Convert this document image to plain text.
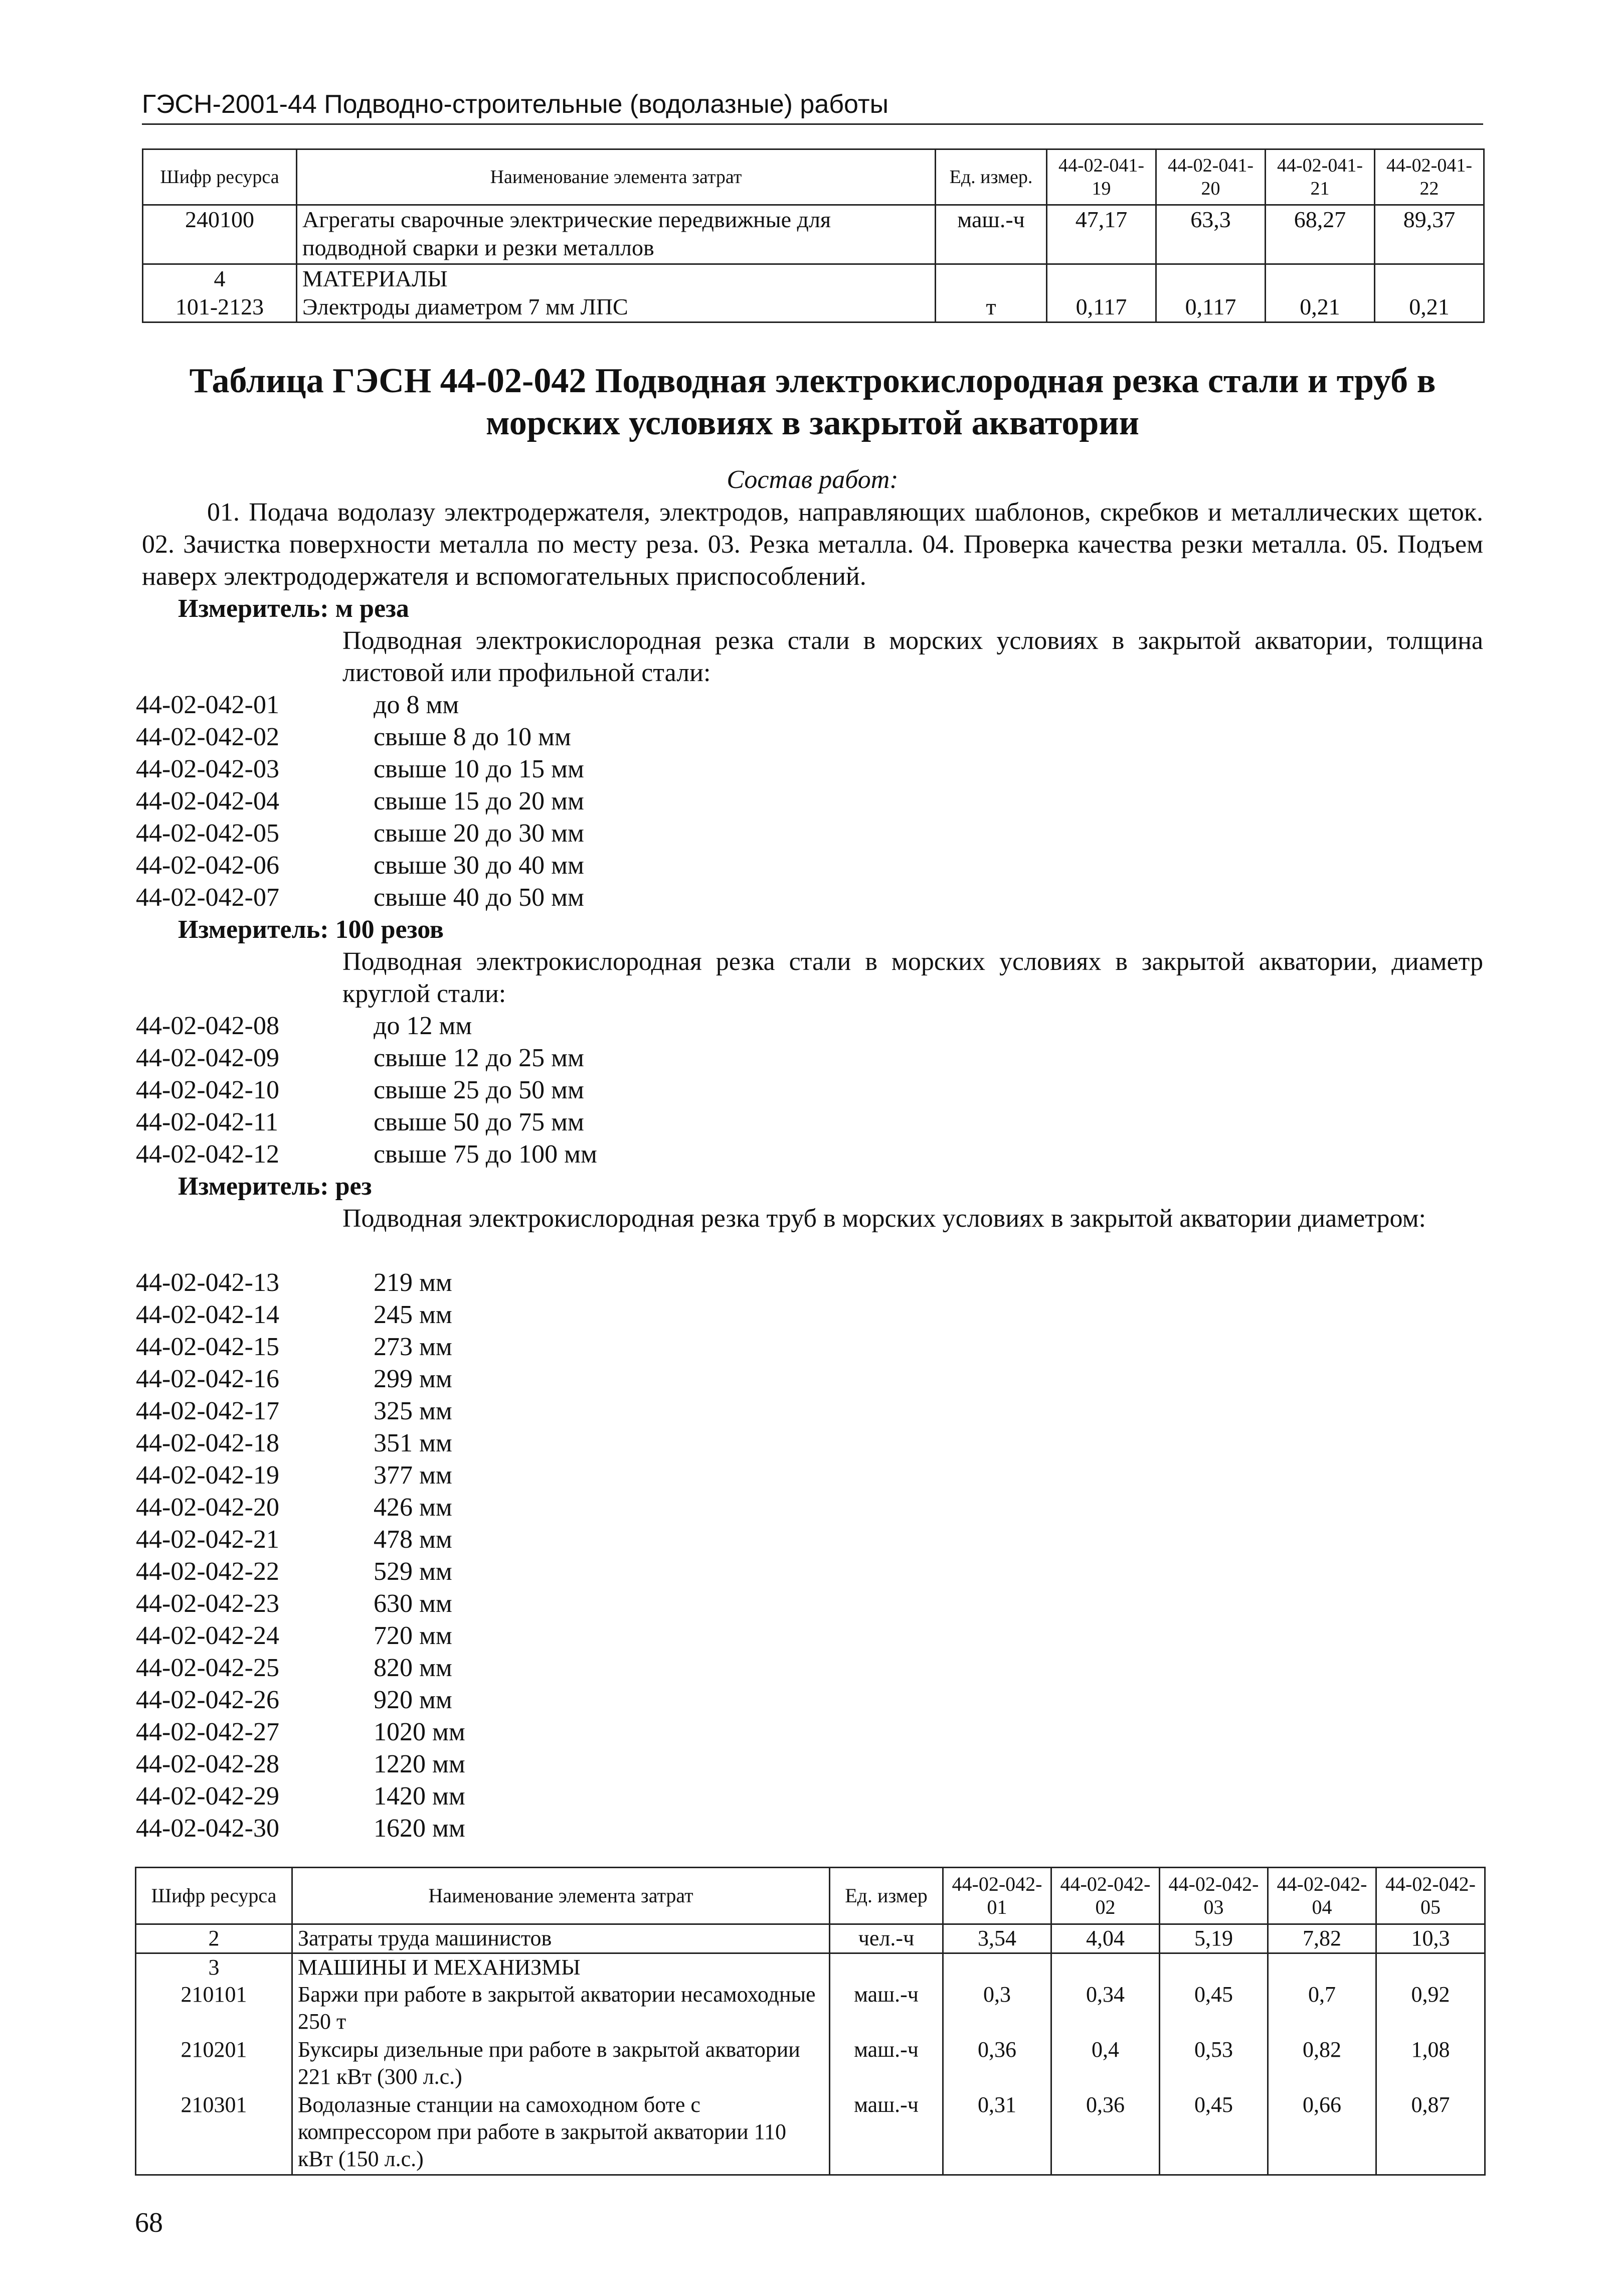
ГЭСН-2001-44 Подводно-строительные (водолазные) работы
Шифр ресурса	Наименование элемента затрат	Ед. измер.	44-02-041-19	44-02-041-20	44-02-041-21	44-02-041-22
240100	Агрегаты сварочные электрические передвижные для подводной сварки и резки металлов	маш.-ч	47,17	63,3	68,27	89,37
4	МАТЕРИАЛЫ					
101-2123	Электроды диаметром 7 мм ЛПС	т	0,117	0,117	0,21	0,21
Таблица ГЭСН 44-02-042 Подводная электрокислородная резка стали и труб в морских условиях в закрытой акватории
Состав работ:
01. Подача водолазу электродержателя, электродов, направляющих шаблонов, скребков и металлических щеток. 02. Зачистка поверхности металла по месту реза. 03. Резка металла. 04. Проверка качества резки металла. 05. Подъем наверх электрододержателя и вспомогательных приспособлений.
Измеритель: м реза
Подводная электрокислородная резка стали в морских условиях в закрытой акватории, толщина листовой или профильной стали:
44-02-042-01	до 8 мм
44-02-042-02	свыше 8 до 10 мм
44-02-042-03	свыше 10 до 15 мм
44-02-042-04	свыше 15 до 20 мм
44-02-042-05	свыше 20 до 30 мм
44-02-042-06	свыше 30 до 40 мм
44-02-042-07	свыше 40 до 50 мм
Измеритель: 100 резов
Подводная электрокислородная резка стали в морских условиях в закрытой акватории, диаметр круглой стали:
44-02-042-08	до 12 мм
44-02-042-09	свыше 12 до 25 мм
44-02-042-10	свыше 25 до 50 мм
44-02-042-11	свыше 50 до 75 мм
44-02-042-12	свыше 75 до 100 мм
Измеритель: рез
Подводная электрокислородная резка труб в морских условиях в закрытой акватории диаметром:
44-02-042-13	219 мм
44-02-042-14	245 мм
44-02-042-15	273 мм
44-02-042-16	299 мм
44-02-042-17	325 мм
44-02-042-18	351 мм
44-02-042-19	377 мм
44-02-042-20	426 мм
44-02-042-21	478 мм
44-02-042-22	529 мм
44-02-042-23	630 мм
44-02-042-24	720 мм
44-02-042-25	820 мм
44-02-042-26	920 мм
44-02-042-27	1020 мм
44-02-042-28	1220 мм
44-02-042-29	1420 мм
44-02-042-30	1620 мм
Шифр ресурса	Наименование элемента затрат	Ед. измер	44-02-042-01	44-02-042-02	44-02-042-03	44-02-042-04	44-02-042-05
2	Затраты труда машинистов	чел.-ч	3,54	4,04	5,19	7,82	10,3
3	МАШИНЫ И МЕХАНИЗМЫ						
210101	Баржи при работе в закрытой акватории несамоходные 250 т	маш.-ч	0,3	0,34	0,45	0,7	0,92
210201	Буксиры дизельные при работе в закрытой акватории 221 кВт (300 л.с.)	маш.-ч	0,36	0,4	0,53	0,82	1,08
210301	Водолазные станции на самоходном боте с компрессором при работе в закрытой акватории 110 кВт (150 л.с.)	маш.-ч	0,31	0,36	0,45	0,66	0,87
68
